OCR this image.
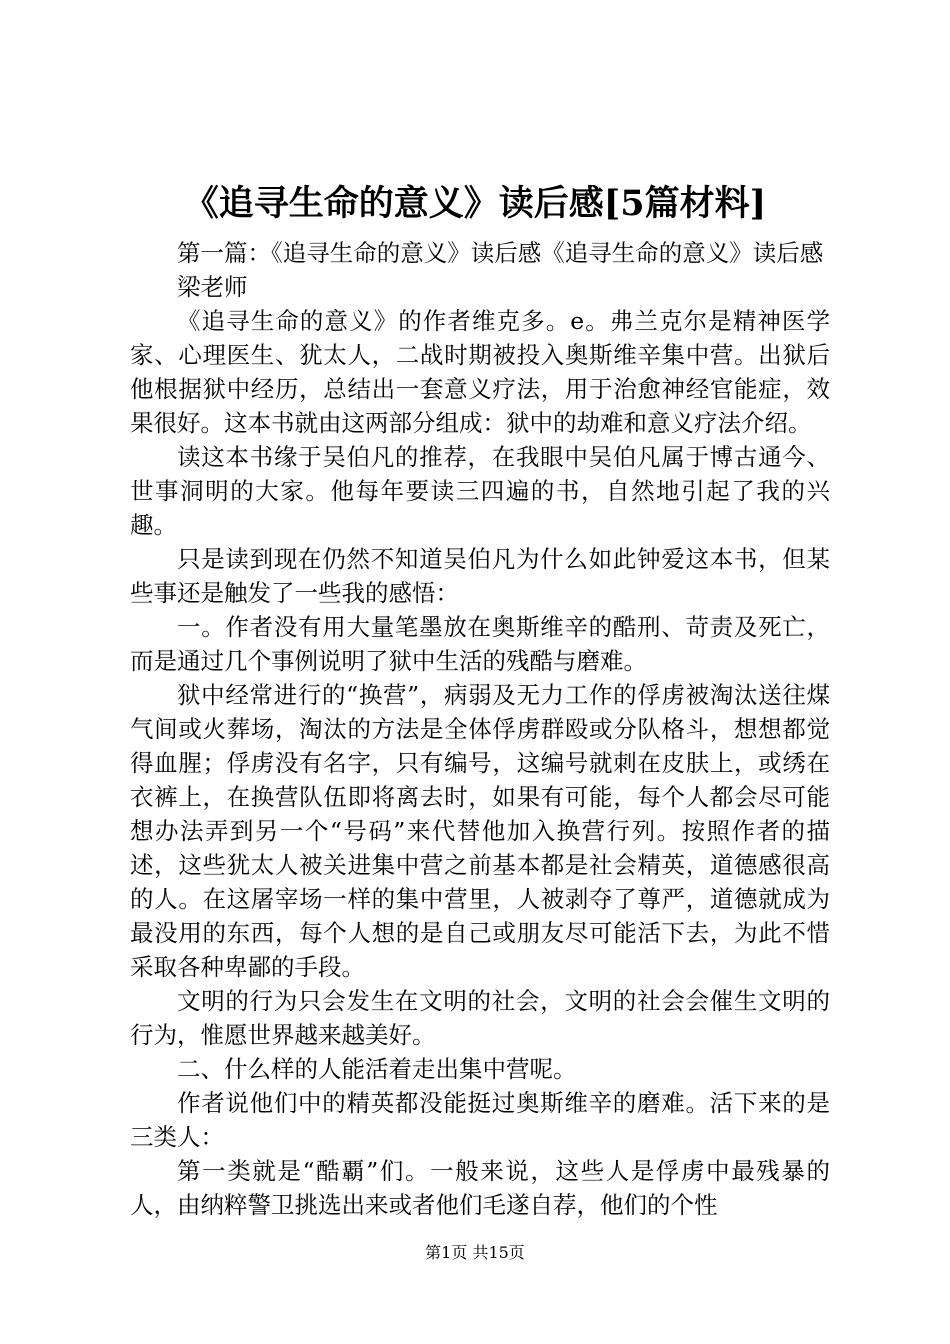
《追寻生命的意义》读后感[5篇材料]

第一篇：《追寻生命的意义》读后感《追寻生命的意义》读后感

梁老师

《追寻生命的意义》的作者维克多。e。弗兰克尔是精神医学家、心理医生、犹太人，二战时期被投入奥斯维辛集中营。出狱后他根据狱中经历，总结出一套意义疗法，用于治愈神经官能症，效果很好。这本书就由这两部分组成：狱中的劫难和意义疗法介绍。

读这本书缘于吴伯凡的推荐，在我眼中吴伯凡属于博古通今、世事洞明的大家。他每年要读三四遍的书，自然地引起了我的兴趣。

只是读到现在仍然不知道吴伯凡为什么如此钟爱这本书，但某些事还是触发了一些我的感悟：

一。作者没有用大量笔墨放在奥斯维辛的酷刑、苛责及死亡，而是通过几个事例说明了狱中生活的残酷与磨难。

狱中经常进行的“换营”，病弱及无力工作的俘虏被淘汰送往煤气间或火葬场，淘汰的方法是全体俘虏群殴或分队格斗，想想都觉得血腥；俘虏没有名字，只有编号，这编号就刺在皮肤上，或绣在衣裤上，在换营队伍即将离去时，如果有可能，每个人都会尽可能想办法弄到另一个“号码”来代替他加入换营行列。按照作者的描述，这些犹太人被关进集中营之前基本都是社会精英，道德感很高的人。在这屠宰场一样的集中营里，人被剥夺了尊严，道德就成为最没用的东西，每个人想的是自己或朋友尽可能活下去，为此不惜采取各种卑鄙的手段。

文明的行为只会发生在文明的社会，文明的社会会催生文明的行为，惟愿世界越来越美好。

二、什么样的人能活着走出集中营呢。

作者说他们中的精英都没能挺过奥斯维辛的磨难。活下来的是三类人：

第一类就是“酷覇”们。一般来说，这些人是俘虏中最残暴的人，由纳粹警卫挑选出来或者他们毛遂自荐，他们的个性

第1页 共15页
